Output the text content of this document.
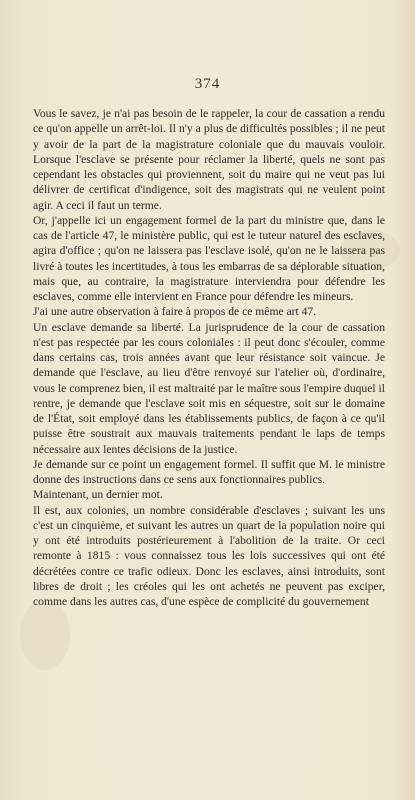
374

Vous le savez, je n'ai pas besoin de le rappeler, la cour de cassation a rendu ce qu'on appelle un arrêt-loi. Il n'y a plus de difficultés possibles ; il ne peut y avoir de la part de la magistrature coloniale que du mauvais vouloir. Lorsque l'esclave se présente pour réclamer la liberté, quels ne sont pas cependant les obstacles qui proviennent, soit du maire qui ne veut pas lui délivrer de certificat d'indigence, soit des magistrats qui ne veulent point agir. A ceci il faut un terme.

Or, j'appelle ici un engagement formel de la part du ministre que, dans le cas de l'article 47, le ministère public, qui est le tuteur naturel des esclaves, agira d'office ; qu'on ne laissera pas l'esclave isolé, qu'on ne le laissera pas livré à toutes les incertitudes, à tous les embarras de sa déplorable situation, mais que, au contraire, la magistrature interviendra pour défendre les esclaves, comme elle intervient en France pour défendre les mineurs.

J'ai une autre observation à faire à propos de ce même art 47.

Un esclave demande sa liberté. La jurisprudence de la cour de cassation n'est pas respectée par les cours coloniales : il peut donc s'écouler, comme dans certains cas, trois années avant que leur résistance soit vaincue. Je demande que l'esclave, au lieu d'être renvoyé sur l'atelier où, d'ordinaire, vous le comprenez bien, il est maltraité par le maître sous l'empire duquel il rentre, je demande que l'esclave soit mis en séquestre, soit sur le domaine de l'État, soit employé dans les établissements publics, de façon à ce qu'il puisse être soustrait aux mauvais traitements pendant le laps de temps nécessaire aux lentes décisions de la justice.

Je demande sur ce point un engagement formel. Il suffit que M. le ministre donne des instructions dans ce sens aux fonctionnaires publics.

Maintenant, un dernier mot.

Il est, aux colonies, un nombre considérable d'esclaves ; suivant les uns c'est un cinquième, et suivant les autres un quart de la population noire qui y ont été introduits postérieurement à l'abolition de la traite. Or ceci remonte à 1815 : vous connaissez tous les lois successives qui ont été décrétées contre ce trafic odieux. Donc les esclaves, ainsi introduits, sont libres de droit ; les créoles qui les ont achetés ne peuvent pas exciper, comme dans les autres cas, d'une espèce de complicité du gouvernement
